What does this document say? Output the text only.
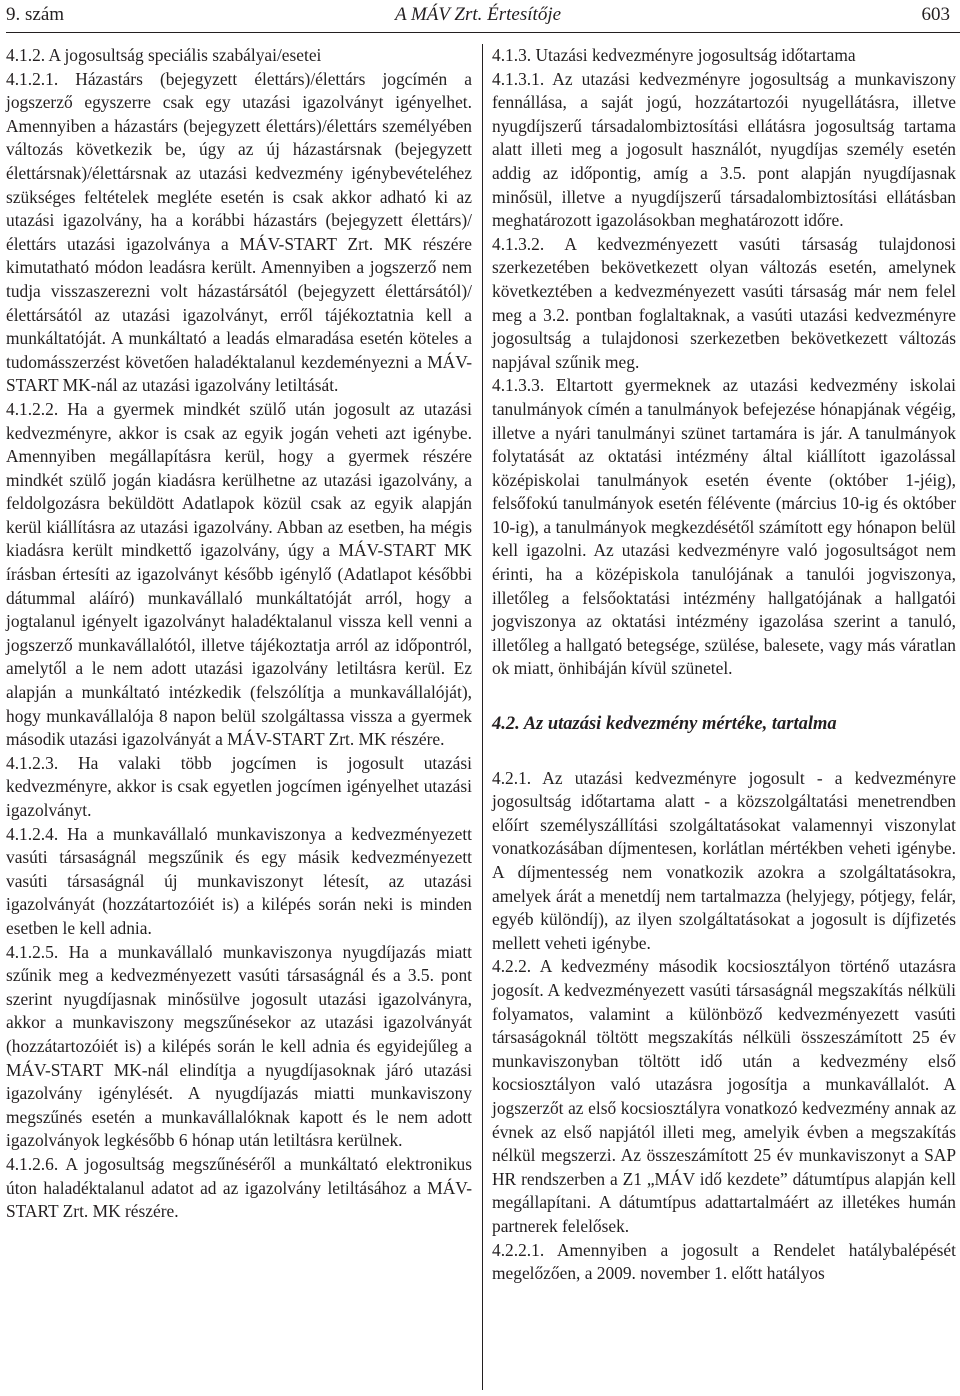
9. szám	A MÁV Zrt. Értesítője	603

4.1.2. A jogosultság speciális szabályai/esetei

4.1.2.1. Házastárs (bejegyzett élettárs)/élettárs jogcímén a jogszerző egyszerre csak egy utazási igazolványt igényelhet. Amennyiben a házastárs (bejegyzett élettárs)/élettárs személyében változás következik be, úgy az új házastársnak (bejegyzett élettársnak)/élettársnak az utazási kedvezmény igénybevételéhez szükséges feltételek megléte esetén is csak akkor adható ki az utazási igazolvány, ha a korábbi házastárs (bejegyzett élettárs)/élettárs utazási igazolványa a MÁV-START Zrt. MK részére kimutatható módon leadásra került. Amennyiben a jogszerző nem tudja visszaszerezni volt házastársától (bejegyzett élettársától)/élettársától az utazási igazolványt, erről tájékoztatnia kell a munkáltatóját. A munkáltató a leadás elmaradása esetén köteles a tudomásszerzést követően haladéktalanul kezdeményezni a MÁV-START MK-nál az utazási igazolvány letiltását.

4.1.2.2. Ha a gyermek mindkét szülő után jogosult az utazási kedvezményre, akkor is csak az egyik jogán veheti azt igénybe. Amennyiben megállapításra kerül, hogy a gyermek részére mindkét szülő jogán kiadásra kerülhetne az utazási igazolvány, a feldolgozásra beküldött Adatlapok közül csak az egyik alapján kerül kiállításra az utazási igazolvány. Abban az esetben, ha mégis kiadásra került mindkettő igazolvány, úgy a MÁV-START MK írásban értesíti az igazolványt később igénylő (Adatlapot későbbi dátummal aláíró) munkavállaló munkáltatóját arról, hogy a jogtalanul igényelt igazolványt haladéktalanul vissza kell venni a jogszerző munkavállalótól, illetve tájékoztatja arról az időpontról, amelytől a le nem adott utazási igazolvány letiltásra kerül. Ez alapján a munkáltató intézkedik (felszólítja a munkavállalóját), hogy munkavállalója 8 napon belül szolgáltassa vissza a gyermek második utazási igazolványát a MÁV-START Zrt. MK részére.

4.1.2.3. Ha valaki több jogcímen is jogosult utazási kedvezményre, akkor is csak egyetlen jogcímen igényelhet utazási igazolványt.

4.1.2.4. Ha a munkavállaló munkaviszonya a kedvezményezett vasúti társaságnál megszűnik és egy másik kedvezményezett vasúti társaságnál új munkaviszonyt létesít, az utazási igazolványát (hozzátartozóiét is) a kilépés során neki is minden esetben le kell adnia.

4.1.2.5. Ha a munkavállaló munkaviszonya nyugdíjazás miatt szűnik meg a kedvezményezett vasúti társaságnál és a 3.5. pont szerint nyugdíjasnak minősülve jogosult utazási igazolványra, akkor a munkaviszony megszűnésekor az utazási igazolványát (hozzátartozóiét is) a kilépés során le kell adnia és egyidejűleg a MÁV-START MK-nál elindítja a nyugdíjasoknak járó utazási igazolvány igénylését. A nyugdíjazás miatti munkaviszony megszűnés esetén a munkavállalóknak kapott és le nem adott igazolványok legkésőbb 6 hónap után letiltásra kerülnek.

4.1.2.6. A jogosultság megszűnéséről a munkáltató elektronikus úton haladéktalanul adatot ad az igazolvány letiltásához a MÁV-START Zrt. MK részére.

4.1.3. Utazási kedvezményre jogosultság időtartama

4.1.3.1. Az utazási kedvezményre jogosultság a munkaviszony fennállása, a saját jogú, hozzátartozói nyugellátásra, illetve nyugdíjszerű társadalombiztosítási ellátásra jogosultság tartama alatt illeti meg a jogosult használót, nyugdíjas személy esetén addig az időpontig, amíg a 3.5. pont alapján nyugdíjasnak minősül, illetve a nyugdíjszerű társadalombiztosítási ellátásban meghatározott igazolásokban meghatározott időre.

4.1.3.2. A kedvezményezett vasúti társaság tulajdonosi szerkezetében bekövetkezett olyan változás esetén, amelynek következtében a kedvezményezett vasúti társaság már nem felel meg a 3.2. pontban foglaltaknak, a vasúti utazási kedvezményre jogosultság a tulajdonosi szerkezetben bekövetkezett változás napjával szűnik meg.

4.1.3.3. Eltartott gyermeknek az utazási kedvezmény iskolai tanulmányok címén a tanulmányok befejezése hónapjának végéig, illetve a nyári tanulmányi szünet tartamára is jár. A tanulmányok folytatását az oktatási intézmény által kiállított igazolással középiskolai tanulmányok esetén évente (október 1-jéig), felsőfokú tanulmányok esetén félévente (március 10-ig és október 10-ig), a tanulmányok megkezdésétől számított egy hónapon belül kell igazolni. Az utazási kedvezményre való jogosultságot nem érinti, ha a középiskola tanulójának a tanulói jogviszonya, illetőleg a felsőoktatási intézmény hallgatójának a hallgatói jogviszonya az oktatási intézmény igazolása szerint a tanuló, illetőleg a hallgató betegsége, szülése, balesete, vagy más váratlan ok miatt, önhibáján kívül szünetel.

4.2. Az utazási kedvezmény mértéke, tartalma

4.2.1. Az utazási kedvezményre jogosult - a kedvezményre jogosultság időtartama alatt - a közszolgáltatási menetrendben előírt személyszállítási szolgáltatásokat valamennyi viszonylat vonatkozásában díjmentesen, korlátlan mértékben veheti igénybe. A díjmentesség nem vonatkozik azokra a szolgáltatásokra, amelyek árát a menetdíj nem tartalmazza (helyjegy, pótjegy, felár, egyéb különdíj), az ilyen szolgáltatásokat a jogosult is díjfizetés mellett veheti igénybe.

4.2.2. A kedvezmény második kocsiosztályon történő utazásra jogosít. A kedvezményezett vasúti társaságnál megszakítás nélküli folyamatos, valamint a különböző kedvezményezett vasúti társaságoknál töltött megszakítás nélküli összeszámított 25 év munkaviszonyban töltött idő után a kedvezmény első kocsiosztályon való utazásra jogosítja a munkavállalót. A jogszerzőt az első kocsiosztályra vonatkozó kedvezmény annak az évnek az első napjától illeti meg, amelyik évben a megszakítás nélkül megszerzi. Az összeszámított 25 év munkaviszonyt a SAP HR rendszerben a Z1 „MÁV idő kezdete” dátumtípus alapján kell megállapítani. A dátumtípus adattartalmáért az illetékes humán partnerek felelősek.

4.2.2.1. Amennyiben a jogosult a Rendelet hatálybalépését megelőzően, a 2009. november 1. előtt hatályos
